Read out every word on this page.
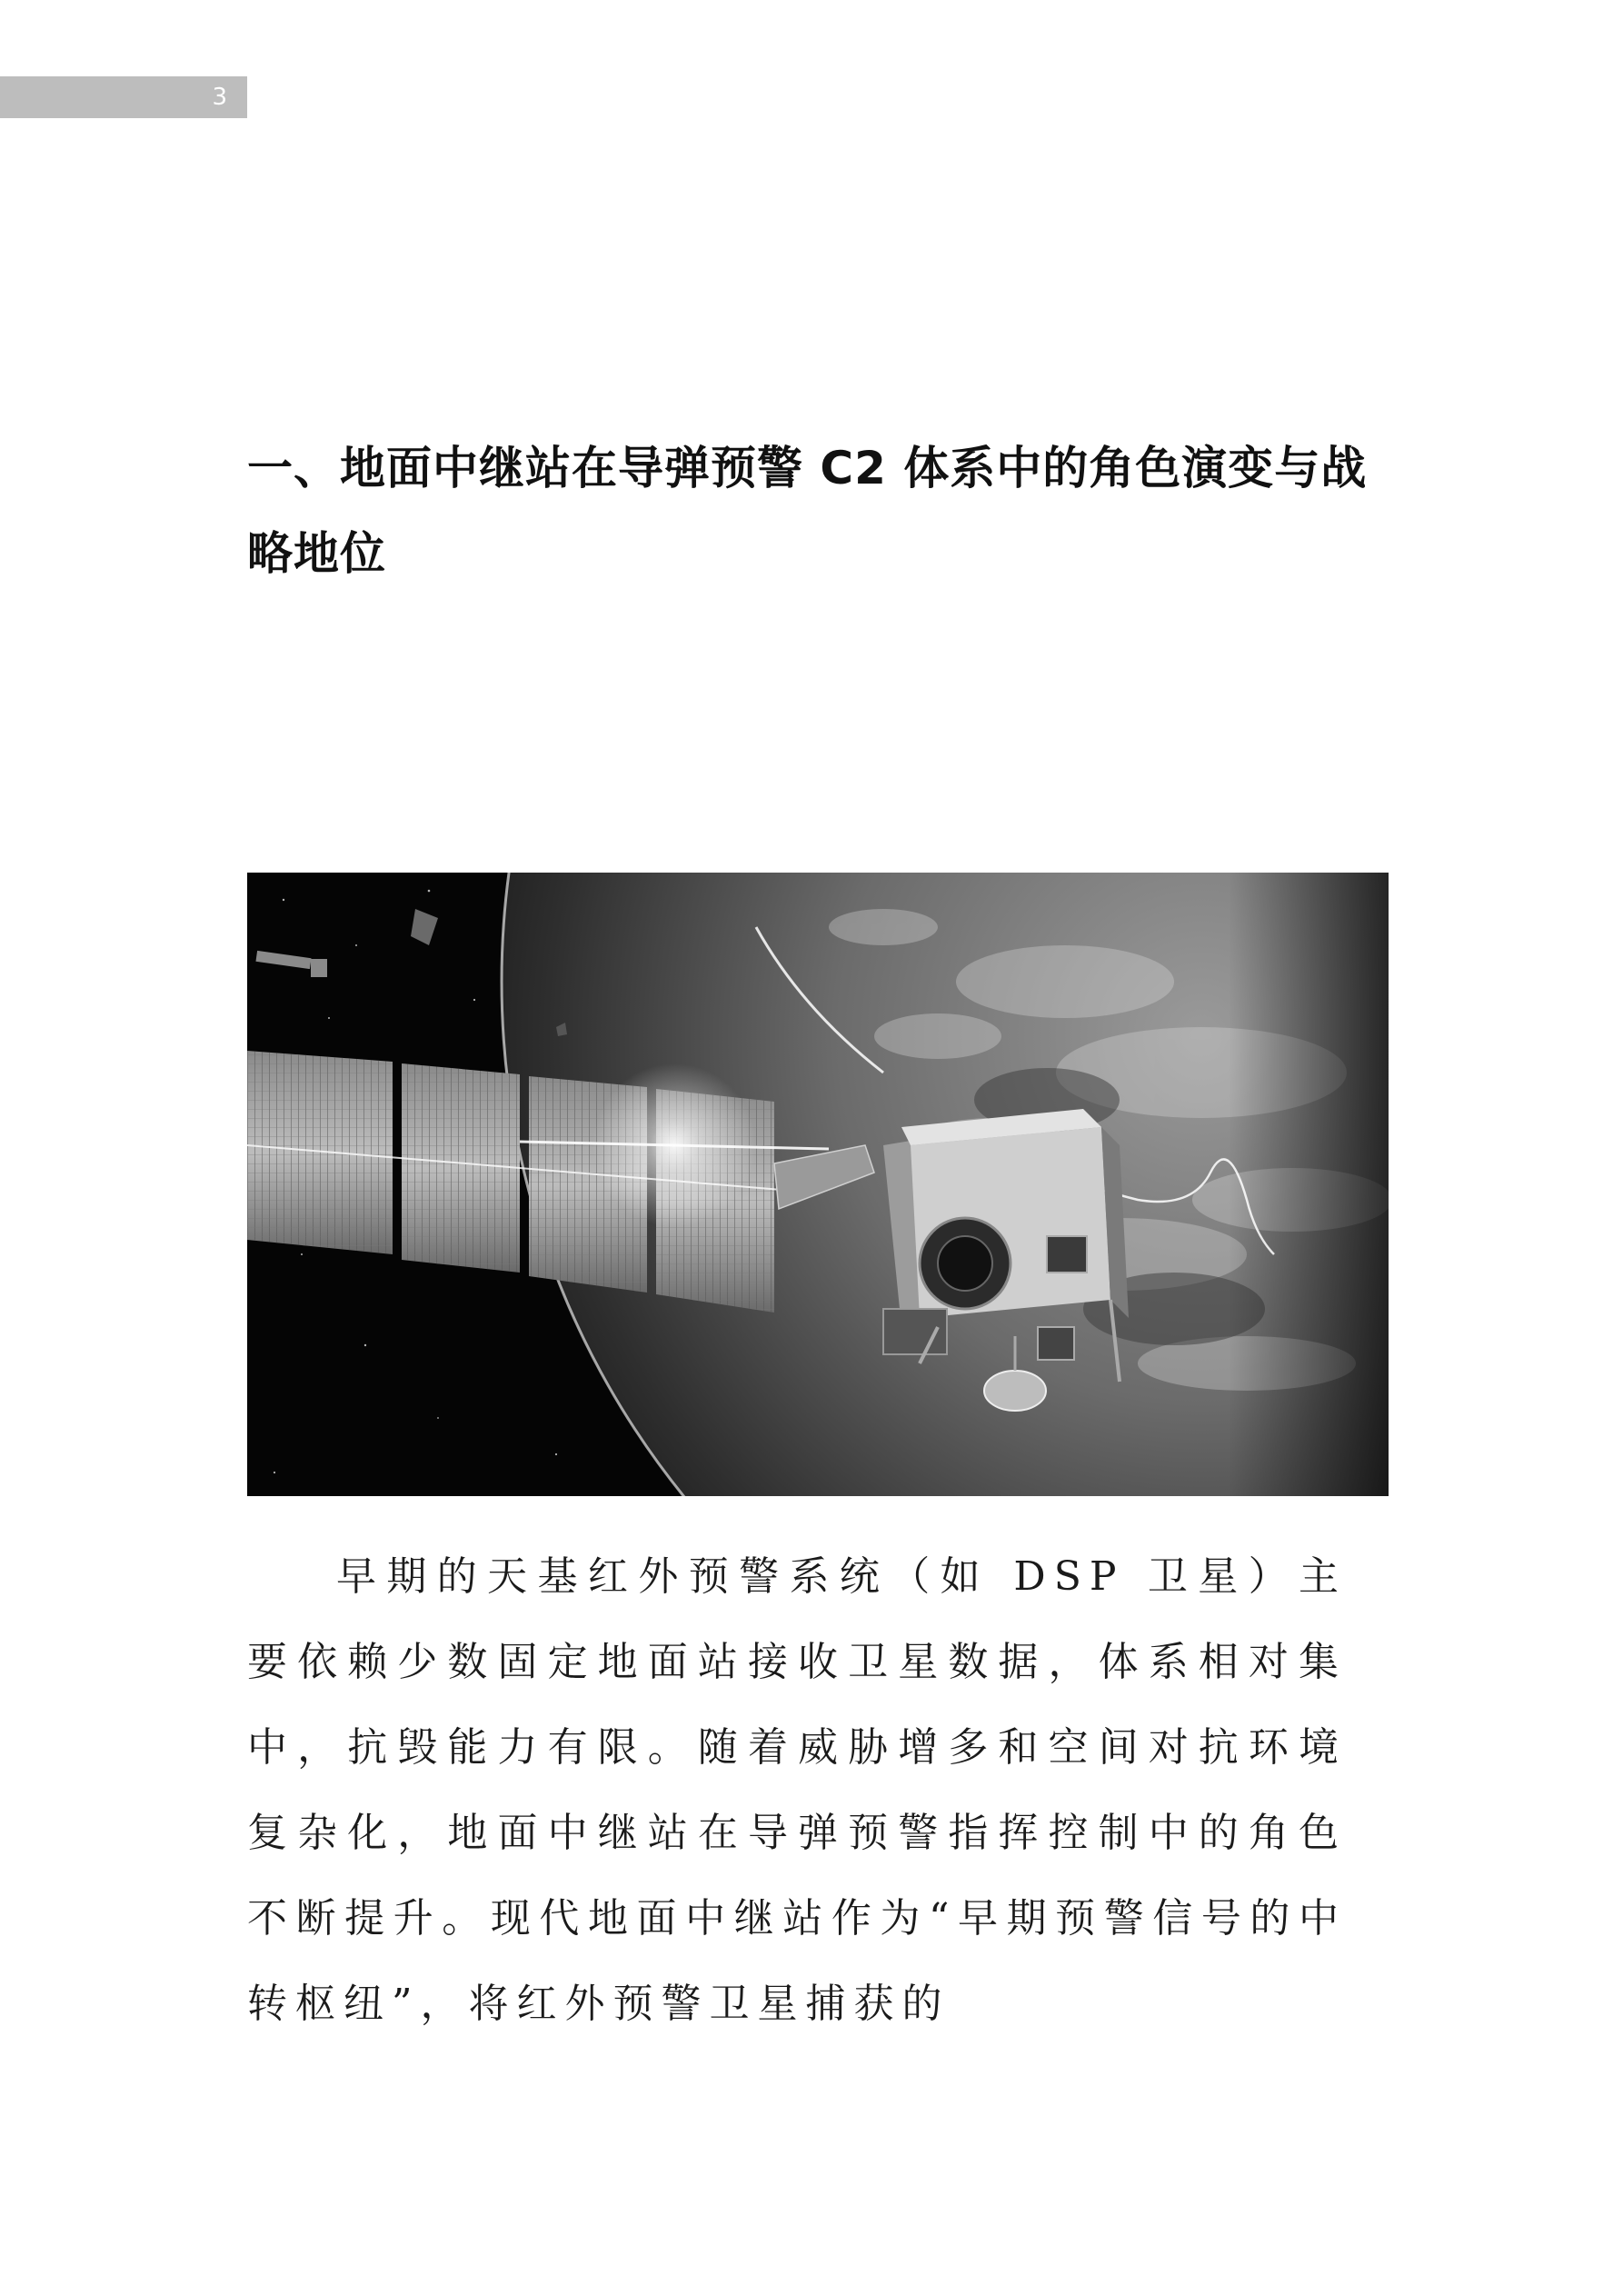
3
一、地面中继站在导弹预警 C2 体系中的角色演变与战略地位

早期的天基红外预警系统（如 DSP 卫星）主要依赖少数固定地面站接收卫星数据，体系相对集中，抗毁能力有限。随着威胁增多和空间对抗环境复杂化，地面中继站在导弹预警指挥控制中的角色不断提升。现代地面中继站作为“早期预警信号的中转枢纽”，将红外预警卫星捕获的
